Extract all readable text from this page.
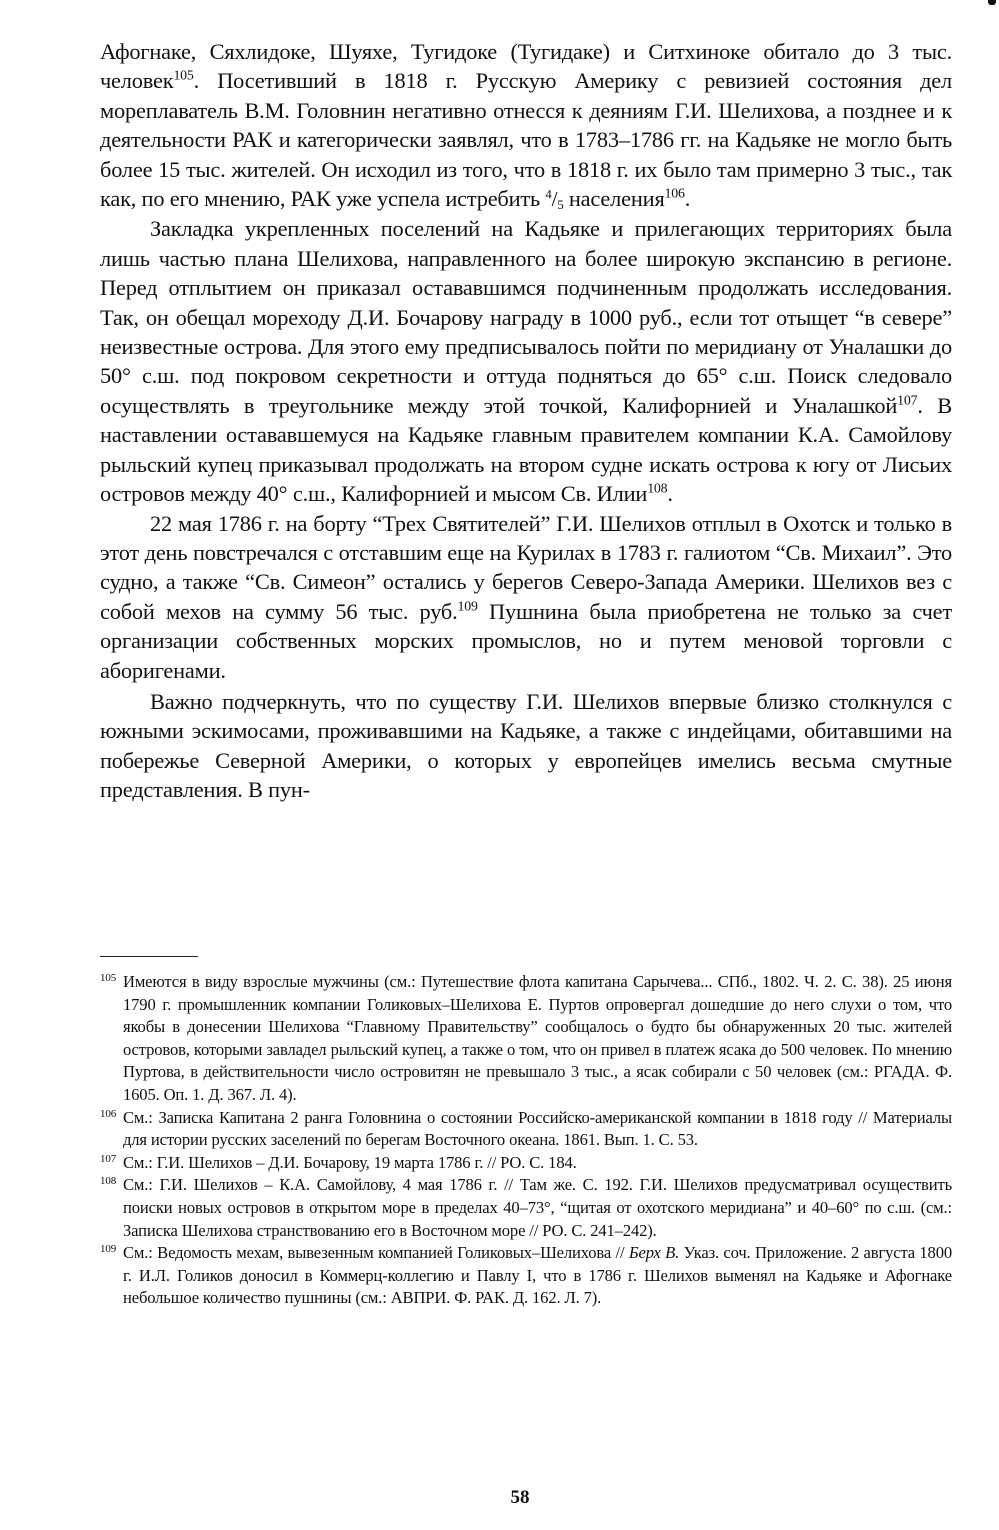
Афогнаке, Сяхлидоке, Шуяхе, Тугидоке (Тугидаке) и Ситхиноке обитало до 3 тыс. человек$^{105}$. Посетивший в 1818 г. Русскую Америку с ревизией состояния дел мореплаватель В.М. Головнин негативно отнесся к деяниям Г.И. Шелихова, а позднее и к деятельности РАК и категорически заявлял, что в 1783–1786 гг. на Кадьяке не могло быть более 15 тыс. жителей. Он исходил из того, что в 1818 г. их было там примерно 3 тыс., так как, по его мнению, РАК уже успела истребить $^4/_5$ населения$^{106}$.

Закладка укрепленных поселений на Кадьяке и прилегающих территориях была лишь частью плана Шелихова, направленного на более широкую экспансию в регионе. Перед отплытием он приказал остававшимся подчиненным продолжать исследования. Так, он обещал мореходу Д.И. Бочарову награду в 1000 руб., если тот отыщет “в севере” неизвестные острова. Для этого ему предписывалось пойти по меридиану от Уналашки до 50° с.ш. под покровом секретности и оттуда подняться до 65° с.ш. Поиск следовало осуществлять в треугольнике между этой точкой, Калифорнией и Уналашкой$^{107}$. В наставлении остававшемуся на Кадьяке главным правителем компании К.А. Самойлову рыльский купец приказывал продолжать на втором судне искать острова к югу от Лисьих островов между 40° с.ш., Калифорнией и мысом Св. Илии$^{108}$.

22 мая 1786 г. на борту “Трех Святителей” Г.И. Шелихов отплыл в Охотск и только в этот день повстречался с отставшим еще на Курилах в 1783 г. галиотом “Св. Михаил”. Это судно, а также “Св. Симеон” остались у берегов Северо-Запада Америки. Шелихов вез с собой мехов на сумму 56 тыс. руб.$^{109}$ Пушнина была приобретена не только за счет организации собственных морских промыслов, но и путем меновой торговли с аборигенами.

Важно подчеркнуть, что по существу Г.И. Шелихов впервые близко столкнулся с южными эскимосами, проживавшими на Кадьяке, а также с индейцами, обитавшими на побережье Северной Америки, о которых у европейцев имелись весьма смутные представления. В пун-

105 Имеются в виду взрослые мужчины (см.: Путешествие флота капитана Сарычева... СПб., 1802. Ч. 2. С. 38). 25 июня 1790 г. промышленник компании Голиковых–Шелихова Е. Пуртов опровергал дошедшие до него слухи о том, что якобы в донесении Шелихова “Главному Правительству” сообщалось о будто бы обнаруженных 20 тыс. жителей островов, которыми завладел рыльский купец, а также о том, что он привел в платеж ясака до 500 человек. По мнению Пуртова, в действительности число островитян не превышало 3 тыс., а ясак собирали с 50 человек (см.: РГАДА. Ф. 1605. Оп. 1. Д. 367. Л. 4).

106 См.: Записка Капитана 2 ранга Головнина о состоянии Российско-американской компании в 1818 году // Материалы для истории русских заселений по берегам Восточного океана. 1861. Вып. 1. С. 53.

107 См.: Г.И. Шелихов – Д.И. Бочарову, 19 марта 1786 г. // РО. С. 184.

108 См.: Г.И. Шелихов – К.А. Самойлову, 4 мая 1786 г. // Там же. С. 192. Г.И. Шелихов предусматривал осуществить поиски новых островов в открытом море в пределах 40–73°, “щитая от охотского меридиана” и 40–60° по с.ш. (см.: Записка Шелихова странствованию его в Восточном море // РО. С. 241–242).

109 См.: Ведомость мехам, вывезенным компанией Голиковых–Шелихова // Берх В. Указ. соч. Приложение. 2 августа 1800 г. И.Л. Голиков доносил в Коммерц-коллегию и Павлу I, что в 1786 г. Шелихов выменял на Кадьяке и Афогнаке небольшое количество пушнины (см.: АВПРИ. Ф. РАК. Д. 162. Л. 7).

58
